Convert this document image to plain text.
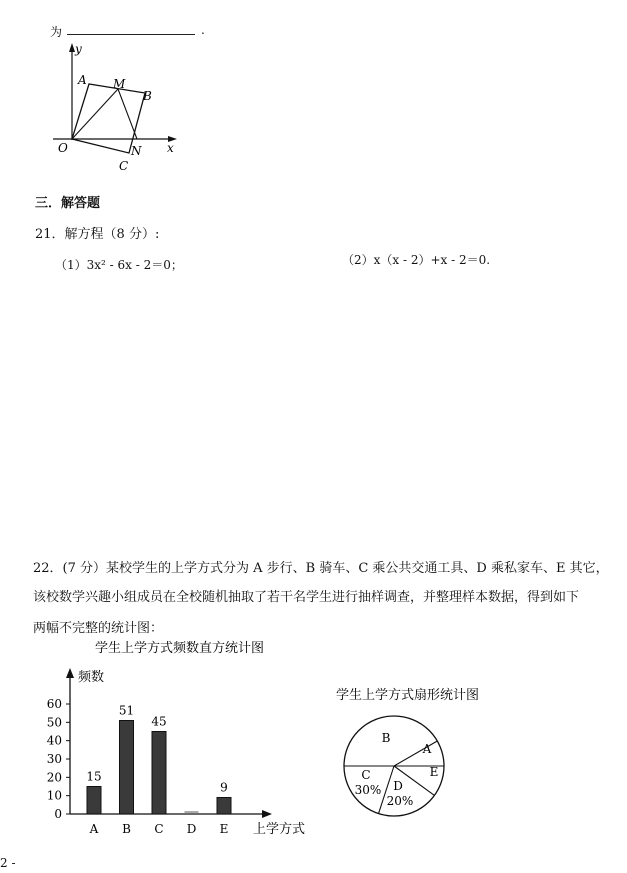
为	.
y
x
O
A M
B
N
C
三．解答题
21．解方程（8 分）:
（1）3x² - 6x - 2＝0；	（2）x（x - 2）+x - 2＝0.
22．(7 分）某校学生的上学方式分为 A 步行、B 骑车、C 乘公共交通工具、D 乘私家车、E 其它，
该校数学兴趣小组成员在全校随机抽取了若干名学生进行抽样调查，并整理样本数据，得到如下
两幅不完整的统计图：
学生上学方式频数直方统计图
频数
上学方式
0
10
20
30
40
50
60
A
15
B
51
C
45
D E
9
学生上学方式扇形统计图
A
B
C
30% D
20%
E
2 -
